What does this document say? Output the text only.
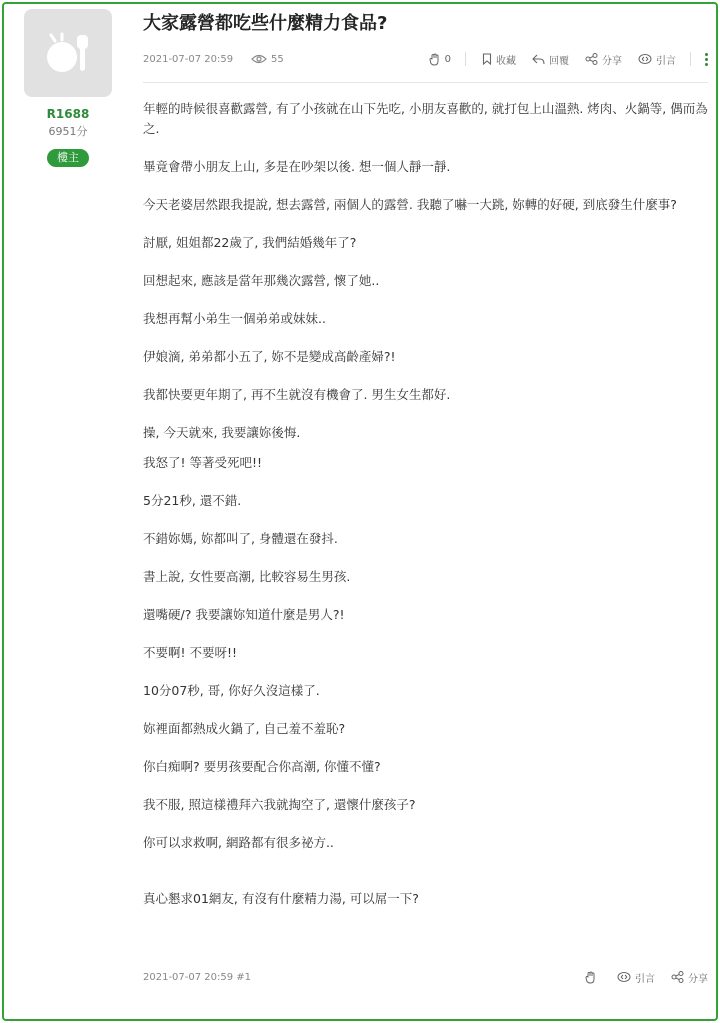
R1688
6951分
樓主
大家露營都吃些什麼精力食品?
2021-07-07 20:59	55	0	收藏	回覆	分享	引言

年輕的時候很喜歡露營, 有了小孩就在山下先吃, 小朋友喜歡的, 就打包上山溫熱. 烤肉、火鍋等, 偶而為之.

畢竟會帶小朋友上山, 多是在吵架以後. 想一個人靜一靜.

今天老婆居然跟我提說, 想去露營, 兩個人的露營. 我聽了嚇一大跳, 妳轉的好硬, 到底發生什麼事?

討厭, 姐姐都22歲了, 我們結婚幾年了?

回想起來, 應該是當年那幾次露營, 懷了她..

我想再幫小弟生一個弟弟或妹妹..

伊娘滴, 弟弟都小五了, 妳不是變成高齡產婦?!

我都快要更年期了, 再不生就沒有機會了. 男生女生都好.

操, 今天就來, 我要讓妳後悔.

我怒了! 等著受死吧!!

5分21秒, 還不錯.

不錯妳媽, 妳都叫了, 身體還在發抖.

書上說, 女性要高潮, 比較容易生男孩.

還嘴硬/? 我要讓妳知道什麼是男人?!

不要啊! 不要呀!!

10分07秒, 哥, 你好久沒這樣了.

妳裡面都熱成火鍋了, 自己羞不羞恥?

你白痴啊? 要男孩要配合你高潮, 你懂不懂?

我不服, 照這樣禮拜六我就掏空了, 還懷什麼孩子?

你可以求救啊, 網路都有很多祕方..

真心懇求01網友, 有沒有什麼精力湯, 可以屌一下?

2021-07-07 20:59 #1	引言	分享
